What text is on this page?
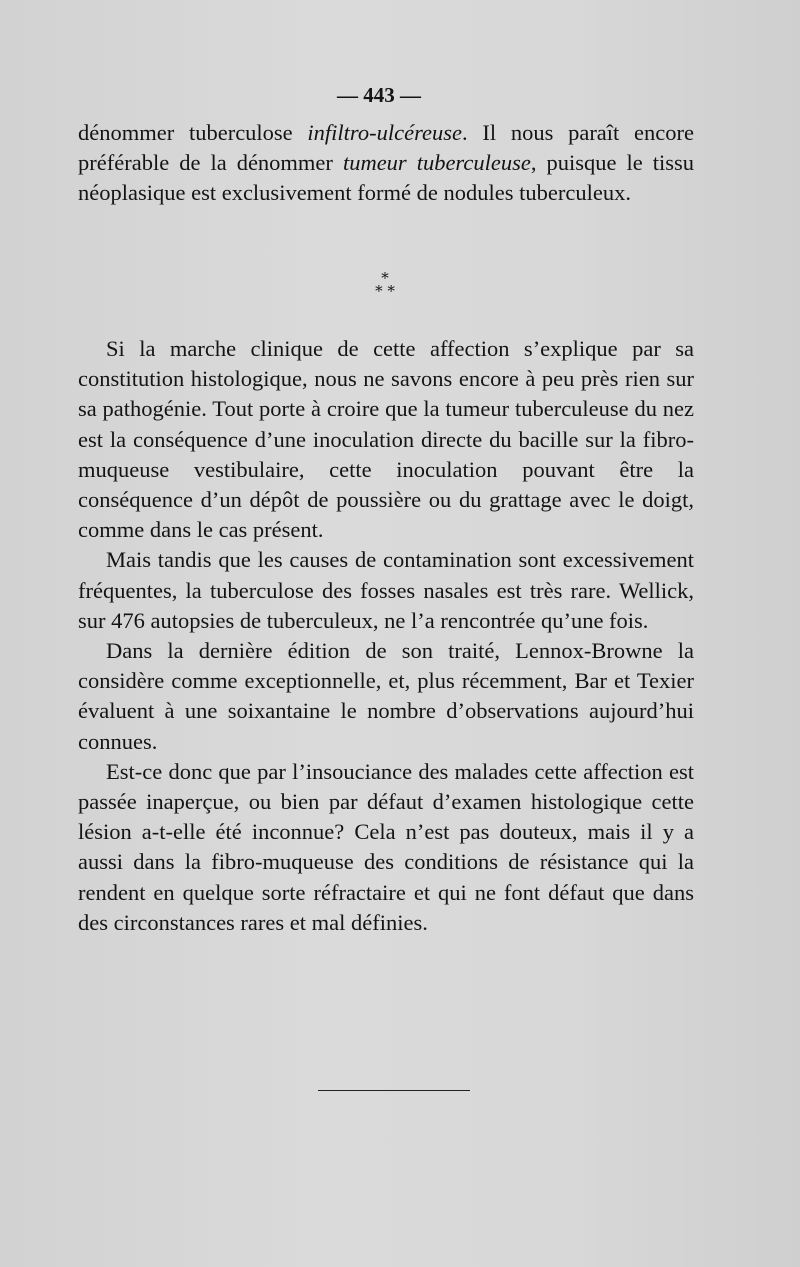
— 443 —

dénommer tuberculose infiltro-ulcéreuse. Il nous paraît encore préférable de la dénommer tumeur tuberculeuse, puisque le tissu néoplasique est exclusivement formé de nodules tuberculeux.

*
* *

Si la marche clinique de cette affection s’explique par sa constitution histologique, nous ne savons encore à peu près rien sur sa pathogénie. Tout porte à croire que la tumeur tuberculeuse du nez est la conséquence d’une inoculation directe du bacille sur la fibro-muqueuse vestibulaire, cette inoculation pouvant être la conséquence d’un dépôt de poussière ou du grattage avec le doigt, comme dans le cas présent.

Mais tandis que les causes de contamination sont excessivement fréquentes, la tuberculose des fosses nasales est très rare. Wellick, sur 476 autopsies de tuberculeux, ne l’a rencontrée qu’une fois.

Dans la dernière édition de son traité, Lennox-Browne la considère comme exceptionnelle, et, plus récemment, Bar et Texier évaluent à une soixantaine le nombre d’observations aujourd’hui connues.

Est-ce donc que par l’insouciance des malades cette affection est passée inaperçue, ou bien par défaut d’examen histologique cette lésion a-t-elle été inconnue? Cela n’est pas douteux, mais il y a aussi dans la fibro-muqueuse des conditions de résistance qui la rendent en quelque sorte réfractaire et qui ne font défaut que dans des circonstances rares et mal définies.
